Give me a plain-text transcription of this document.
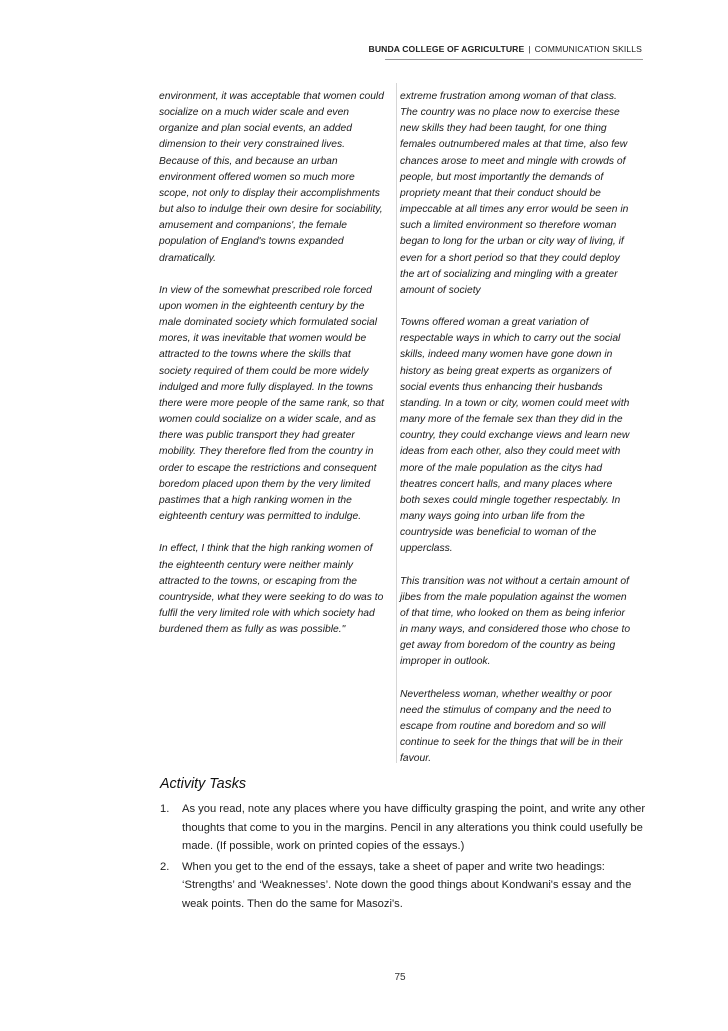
BUNDA COLLEGE OF AGRICULTURE | COMMUNICATION SKILLS

environment, it was acceptable that women could socialize on a much wider scale and even organize and plan social events, an added dimension to their very constrained lives. Because of this, and because an urban environment offered women so much more scope, not only to display their accomplishments but also to indulge their own desire for sociability, amusement and companions', the female population of England's towns expanded dramatically.

In view of the somewhat prescribed role forced upon women in the eighteenth century by the male dominated society which formulated social mores, it was inevitable that women would be attracted to the towns where the skills that society required of them could be more widely indulged and more fully displayed. In the towns there were more people of the same rank, so that women could socialize on a wider scale, and as there was public transport they had greater mobility. They therefore fled from the country in order to escape the restrictions and consequent boredom placed upon them by the very limited pastimes that a high ranking women in the eighteenth century was permitted to indulge.

In effect, I think that the high ranking women of the eighteenth century were neither mainly attracted to the towns, or escaping from the countryside, what they were seeking to do was to fulfil the very limited role with which society had burdened them as fully as was possible."

extreme frustration among woman of that class. The country was no place now to exercise these new skills they had been taught, for one thing females outnumbered males at that time, also few chances arose to meet and mingle with crowds of people, but most importantly the demands of propriety meant that their conduct should be impeccable at all times any error would be seen in such a limited environment so therefore woman began to long for the urban or city way of living, if even for a short period so that they could deploy the art of socializing and mingling with a greater amount of society

Towns offered woman a great variation of respectable ways in which to carry out the social skills, indeed many women have gone down in history as being great experts as organizers of social events thus enhancing their husbands standing. In a town or city, women could meet with many more of the female sex than they did in the country, they could exchange views and learn new ideas from each other, also they could meet with more of the male population as the citys had theatres concert halls, and many places where both sexes could mingle together respectably. In many ways going into urban life from the countryside was beneficial to woman of the upperclass.

This transition was not without a certain amount of jibes from the male population against the women of that time, who looked on them as being inferior in many ways, and considered those who chose to get away from boredom of the country as being improper in outlook.

Nevertheless woman, whether wealthy or poor need the stimulus of company and the need to escape from routine and boredom and so will continue to seek for the things that will be in their favour.

Activity Tasks
1. As you read, note any places where you have difficulty grasping the point, and write any other thoughts that come to you in the margins. Pencil in any alterations you think could usefully be made. (If possible, work on printed copies of the essays.)
2. When you get to the end of the essays, take a sheet of paper and write two headings: ‘Strengths’ and ‘Weaknesses’. Note down the good things about Kondwani's essay and the weak points. Then do the same for Masozi's.
75
